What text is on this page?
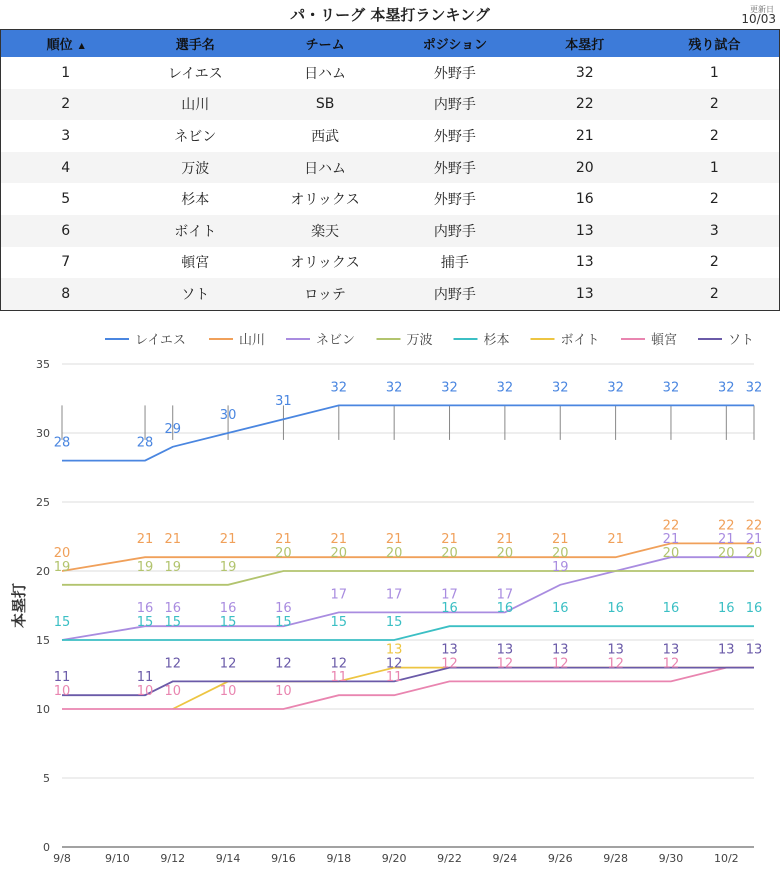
パ・リーグ 本塁打ランキング	更新日
10/03
順位 ▲	選手名	チーム	ポジション	本塁打	残り試合
1	レイエス	日ハム	外野手	32	1
2	山川	SB	内野手	22	2
3	ネビン	西武	外野手	21	2
4	万波	日ハム	外野手	20	1
5	杉本	オリックス	外野手	16	2
6	ボイト	楽天	内野手	13	3
7	頓宮	オリックス	捕手	13	2
8	ソト	ロッテ	内野手	13	2
0
5
10
15
20
25
30
35
9/8	9/10	9/12	9/14	9/16	9/18	9/20	9/22	9/24	9/26	9/28	9/30	10/2
本塁打
レイエス	山川	ネビン	万波	杉本	ボイト	頓宮	ソト
28	28
29
30
31
32	32	32	32	32	32	32	32 32
20
21 21	21	21	21	21	21	21	21	21
22	22 22
16 16	16	16
17	17	17	17
19
21	21 21
19	19 19	19
20	20	20	20	20	20	20	20 20
15	15 15	15	15	15	15
16	16	16	16	16	16 16
13
10	10 10	10	10
11	11
12	12	12	12	12
11	11
12	12	12	12	12
13	13	13	13	13	13 13
